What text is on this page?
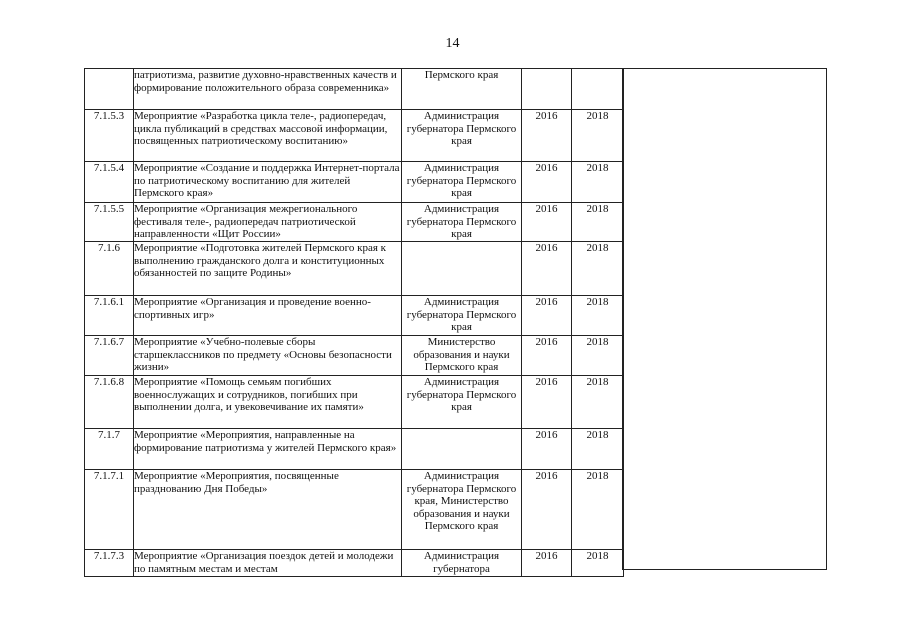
14
	патриотизма, развитие духовно-нравственных качеств и формирование положительного образа современника»	Пермского края		
7.1.5.3	Мероприятие «Разработка цикла теле-, радиопередач, цикла публикаций в средствах массовой информации, посвященных патриотическому воспитанию»	Администрация губернатора Пермского края	2016	2018
7.1.5.4	Мероприятие «Создание и поддержка Интернет-портала по патриотическому воспитанию для жителей Пермского края»	Администрация губернатора Пермского края	2016	2018
7.1.5.5	Мероприятие «Организация межрегионального фестиваля теле-, радиопередач патриотической направленности «Щит России»	Администрация губернатора Пермского края	2016	2018
7.1.6	Мероприятие «Подготовка жителей Пермского края к выполнению гражданского долга и конституционных обязанностей по защите Родины»		2016	2018
7.1.6.1	Мероприятие «Организация и проведение военно-спортивных игр»	Администрация губернатора Пермского края	2016	2018
7.1.6.7	Мероприятие «Учебно-полевые сборы старшеклассников по предмету «Основы безопасности жизни»	Министерство образования и науки Пермского края	2016	2018
7.1.6.8	Мероприятие «Помощь семьям погибших военнослужащих и сотрудников, погибших при выполнении долга, и увековечивание их памяти»	Администрация губернатора Пермского края	2016	2018
7.1.7	Мероприятие «Мероприятия, направленные на формирование патриотизма у жителей Пермского края»		2016	2018
7.1.7.1	Мероприятие «Мероприятия, посвященные празднованию Дня Победы»	Администрация губернатора Пермского края, Министерство образования и науки Пермского края	2016	2018
7.1.7.3	Мероприятие «Организация поездок детей и молодежи по памятным местам и местам	Администрация губернатора	2016	2018
